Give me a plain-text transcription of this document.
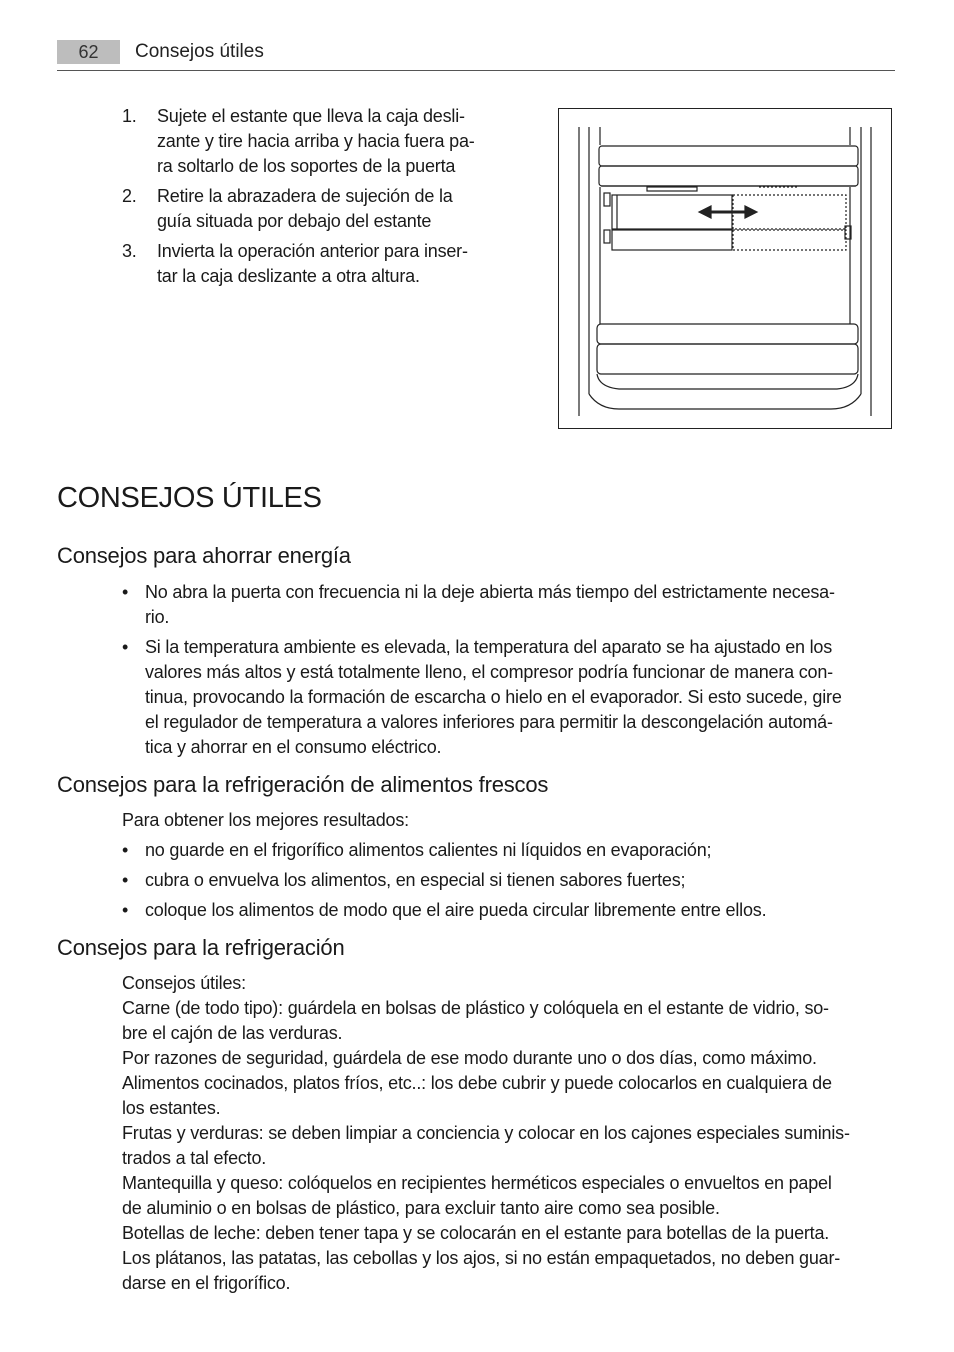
62	Consejos útiles
1. Sujete el estante que lleva la caja desli-
zante y tire hacia arriba y hacia fuera pa-
ra soltarlo de los soportes de la puerta
2. Retire la abrazadera de sujeción de la
guía situada por debajo del estante
3. Invierta la operación anterior para inser-
tar la caja deslizante a otra altura.
CONSEJOS ÚTILES
Consejos para ahorrar energía
• No abra la puerta con frecuencia ni la deje abierta más tiempo del estrictamente necesa-
rio.
• Si la temperatura ambiente es elevada, la temperatura del aparato se ha ajustado en los
valores más altos y está totalmente lleno, el compresor podría funcionar de manera con-
tinua, provocando la formación de escarcha o hielo en el evaporador. Si esto sucede, gire
el regulador de temperatura a valores inferiores para permitir la descongelación automá-
tica y ahorrar en el consumo eléctrico.
Consejos para la refrigeración de alimentos frescos

Para obtener los mejores resultados:

• no guarde en el frigorífico alimentos calientes ni líquidos en evaporación;
• cubra o envuelva los alimentos, en especial si tienen sabores fuertes;
• coloque los alimentos de modo que el aire pueda circular libremente entre ellos.
Consejos para la refrigeración

Consejos útiles:

Carne (de todo tipo): guárdela en bolsas de plástico y colóquela en el estante de vidrio, so-

bre el cajón de las verduras.

Por razones de seguridad, guárdela de ese modo durante uno o dos días, como máximo.

Alimentos cocinados, platos fríos, etc..: los debe cubrir y puede colocarlos en cualquiera de

los estantes.

Frutas y verduras: se deben limpiar a conciencia y colocar en los cajones especiales suminis-

trados a tal efecto.

Mantequilla y queso: colóquelos en recipientes herméticos especiales o envueltos en papel

de aluminio o en bolsas de plástico, para excluir tanto aire como sea posible.

Botellas de leche: deben tener tapa y se colocarán en el estante para botellas de la puerta.

Los plátanos, las patatas, las cebollas y los ajos, si no están empaquetados, no deben guar-

darse en el frigorífico.
